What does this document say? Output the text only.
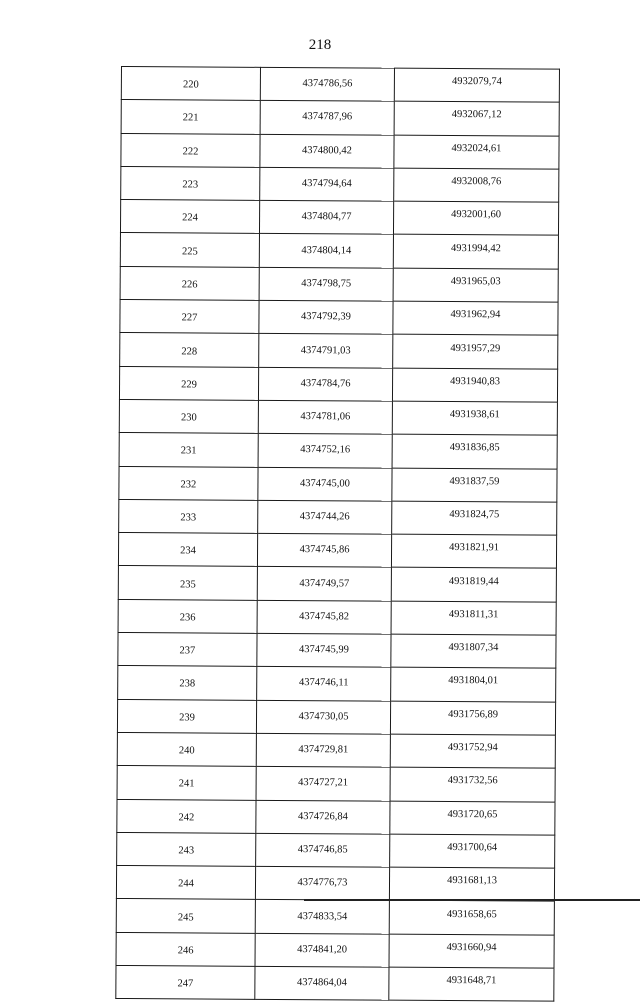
218
220	4374786,56	4932079,74
221	4374787,96	4932067,12
222	4374800,42	4932024,61
223	4374794,64	4932008,76
224	4374804,77	4932001,60
225	4374804,14	4931994,42
226	4374798,75	4931965,03
227	4374792,39	4931962,94
228	4374791,03	4931957,29
229	4374784,76	4931940,83
230	4374781,06	4931938,61
231	4374752,16	4931836,85
232	4374745,00	4931837,59
233	4374744,26	4931824,75
234	4374745,86	4931821,91
235	4374749,57	4931819,44
236	4374745,82	4931811,31
237	4374745,99	4931807,34
238	4374746,11	4931804,01
239	4374730,05	4931756,89
240	4374729,81	4931752,94
241	4374727,21	4931732,56
242	4374726,84	4931720,65
243	4374746,85	4931700,64
244	4374776,73	4931681,13
245	4374833,54	4931658,65
246	4374841,20	4931660,94
247	4374864,04	4931648,71
